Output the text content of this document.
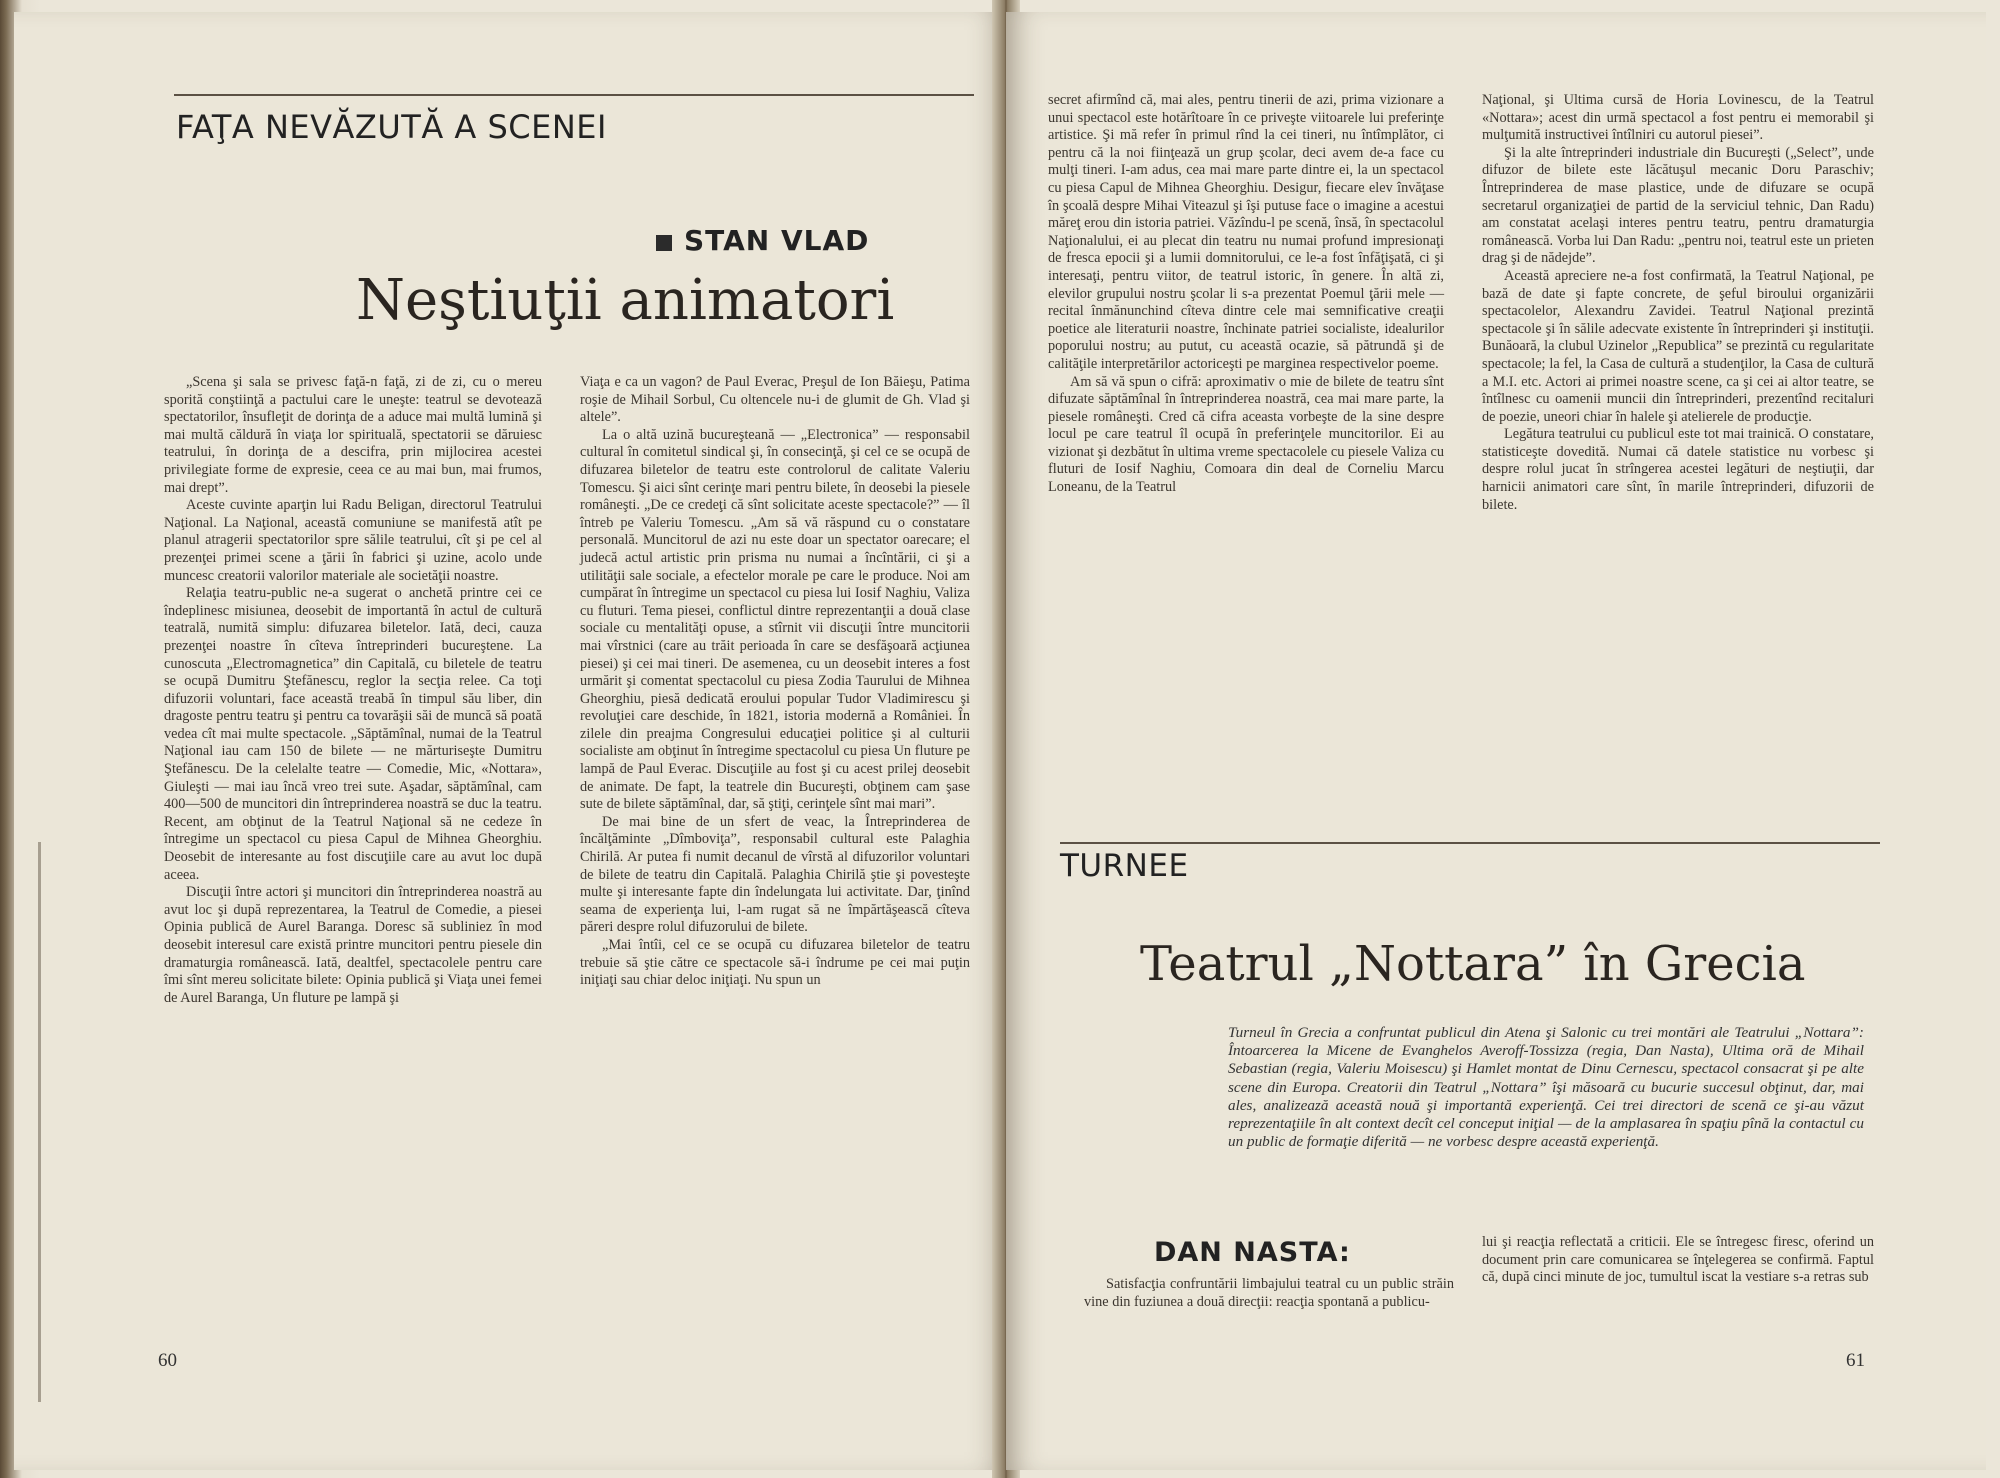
FAŢA NEVĂZUTĂ A SCENEI
STAN VLAD
Neştiuţii animatori

„Scena şi sala se privesc faţă-n faţă, zi de zi, cu o mereu sporită conştiinţă a pactului care le uneşte: teatrul se devotează spectatorilor, însufleţit de dorinţa de a aduce mai multă lumină şi mai multă căldură în viaţa lor spirituală, spectatorii se dăruiesc teatrului, în dorinţa de a descifra, prin mijlocirea acestei privilegiate forme de expresie, ceea ce au mai bun, mai frumos, mai drept”.

Aceste cuvinte aparţin lui Radu Beligan, directorul Teatrului Naţional. La Naţional, această comuniune se manifestă atît pe planul atragerii spectatorilor spre sălile teatrului, cît şi pe cel al prezenţei primei scene a ţării în fabrici şi uzine, acolo unde muncesc creatorii valorilor materiale ale societăţii noastre.

Relaţia teatru-public ne-a sugerat o anchetă printre cei ce îndeplinesc misiunea, deosebit de importantă în actul de cultură teatrală, numită simplu: difuzarea biletelor. Iată, deci, cauza prezenţei noastre în cîteva întreprinderi bucureştene. La cunoscuta „Electromagnetica” din Capitală, cu biletele de teatru se ocupă Dumitru Ştefănescu, reglor la secţia relee. Ca toţi difuzorii voluntari, face această treabă în timpul său liber, din dragoste pentru teatru şi pentru ca tovarăşii săi de muncă să poată vedea cît mai multe spectacole. „Săptămînal, numai de la Teatrul Naţional iau cam 150 de bilete — ne mărturiseşte Dumitru Ştefănescu. De la celelalte teatre — Comedie, Mic, «Nottara», Giuleşti — mai iau încă vreo trei sute. Aşadar, săptămînal, cam 400—500 de muncitori din întreprinderea noastră se duc la teatru. Recent, am obţinut de la Teatrul Naţional să ne cedeze în întregime un spectacol cu piesa Capul de Mihnea Gheorghiu. Deosebit de interesante au fost discuţiile care au avut loc după aceea.

Discuţii între actori şi muncitori din întreprinderea noastră au avut loc şi după reprezentarea, la Teatrul de Comedie, a piesei Opinia publică de Aurel Baranga. Doresc să subliniez în mod deosebit interesul care există printre muncitori pentru piesele din dramaturgia românească. Iată, dealtfel, spectacolele pentru care îmi sînt mereu solicitate bilete: Opinia publică şi Viaţa unei femei de Aurel Baranga, Un fluture pe lampă şi

Viaţa e ca un vagon? de Paul Everac, Preşul de Ion Băieşu, Patima roşie de Mihail Sorbul, Cu oltencele nu-i de glumit de Gh. Vlad şi altele”.

La o altă uzină bucureşteană — „Electronica” — responsabil cultural în comitetul sindical şi, în consecinţă, şi cel ce se ocupă de difuzarea biletelor de teatru este controlorul de calitate Valeriu Tomescu. Şi aici sînt cerinţe mari pentru bilete, în deosebi la piesele româneşti. „De ce credeţi că sînt solicitate aceste spectacole?” — îl întreb pe Valeriu Tomescu. „Am să vă răspund cu o constatare personală. Muncitorul de azi nu este doar un spectator oarecare; el judecă actul artistic prin prisma nu numai a încîntării, ci şi a utilităţii sale sociale, a efectelor morale pe care le produce. Noi am cumpărat în întregime un spectacol cu piesa lui Iosif Naghiu, Valiza cu fluturi. Tema piesei, conflictul dintre reprezentanţii a două clase sociale cu mentalităţi opuse, a stîrnit vii discuţii între muncitorii mai vîrstnici (care au trăit perioada în care se desfăşoară acţiunea piesei) şi cei mai tineri. De asemenea, cu un deosebit interes a fost urmărit şi comentat spectacolul cu piesa Zodia Taurului de Mihnea Gheorghiu, piesă dedicată eroului popular Tudor Vladimirescu şi revoluţiei care deschide, în 1821, istoria modernă a României. În zilele din preajma Congresului educaţiei politice şi al culturii socialiste am obţinut în întregime spectacolul cu piesa Un fluture pe lampă de Paul Everac. Discuţiile au fost şi cu acest prilej deosebit de animate. De fapt, la teatrele din Bucureşti, obţinem cam şase sute de bilete săptămînal, dar, să ştiţi, cerinţele sînt mai mari”.

De mai bine de un sfert de veac, la Întreprinderea de încălţăminte „Dîmboviţa”, responsabil cultural este Palaghia Chirilă. Ar putea fi numit decanul de vîrstă al difuzorilor voluntari de bilete de teatru din Capitală. Palaghia Chirilă ştie şi povesteşte multe şi interesante fapte din îndelungata lui activitate. Dar, ţinînd seama de experienţa lui, l-am rugat să ne împărtăşească cîteva păreri despre rolul difuzorului de bilete.

„Mai întîi, cel ce se ocupă cu difuzarea biletelor de teatru trebuie să ştie către ce spectacole să-i îndrume pe cei mai puţin iniţiaţi sau chiar deloc iniţiaţi. Nu spun un

60

secret afirmînd că, mai ales, pentru tinerii de azi, prima vizionare a unui spectacol este hotărîtoare în ce priveşte viitoarele lui preferinţe artistice. Şi mă refer în primul rînd la cei tineri, nu întîmplător, ci pentru că la noi fiinţează un grup şcolar, deci avem de-a face cu mulţi tineri. I-am adus, cea mai mare parte dintre ei, la un spectacol cu piesa Capul de Mihnea Gheorghiu. Desigur, fiecare elev învăţase în şcoală despre Mihai Viteazul şi îşi putuse face o imagine a acestui măreţ erou din istoria patriei. Văzîndu-l pe scenă, însă, în spectacolul Naţionalului, ei au plecat din teatru nu numai profund impresionaţi de fresca epocii şi a lumii domnitorului, ce le-a fost înfăţişată, ci şi interesaţi, pentru viitor, de teatrul istoric, în genere. În altă zi, elevilor grupului nostru şcolar li s-a prezentat Poemul ţării mele — recital înmănunchind cîteva dintre cele mai semnificative creaţii poetice ale literaturii noastre, închinate patriei socialiste, idealurilor poporului nostru; au putut, cu această ocazie, să pătrundă şi de calităţile interpretărilor actoriceşti pe marginea respectivelor poeme.

Am să vă spun o cifră: aproximativ o mie de bilete de teatru sînt difuzate săptămînal în întreprinderea noastră, cea mai mare parte, la piesele româneşti. Cred că cifra aceasta vorbeşte de la sine despre locul pe care teatrul îl ocupă în preferinţele muncitorilor. Ei au vizionat şi dezbătut în ultima vreme spectacolele cu piesele Valiza cu fluturi de Iosif Naghiu, Comoara din deal de Corneliu Marcu Loneanu, de la Teatrul

Naţional, şi Ultima cursă de Horia Lovinescu, de la Teatrul «Nottara»; acest din urmă spectacol a fost pentru ei memorabil şi mulţumită instructivei întîlniri cu autorul piesei”.

Şi la alte întreprinderi industriale din Bucureşti („Select”, unde difuzor de bilete este lăcătuşul mecanic Doru Paraschiv; Întreprinderea de mase plastice, unde de difuzare se ocupă secretarul organizaţiei de partid de la serviciul tehnic, Dan Radu) am constatat acelaşi interes pentru teatru, pentru dramaturgia românească. Vorba lui Dan Radu: „pentru noi, teatrul este un prieten drag şi de nădejde”.

Această apreciere ne-a fost confirmată, la Teatrul Naţional, pe bază de date şi fapte concrete, de şeful biroului organizării spectacolelor, Alexandru Zavidei. Teatrul Naţional prezintă spectacole şi în sălile adecvate existente în întreprinderi şi instituţii. Bunăoară, la clubul Uzinelor „Republica” se prezintă cu regularitate spectacole; la fel, la Casa de cultură a studenţilor, la Casa de cultură a M.I. etc. Actori ai primei noastre scene, ca şi cei ai altor teatre, se întîlnesc cu oamenii muncii din întreprinderi, prezentînd recitaluri de poezie, uneori chiar în halele şi atelierele de producţie.

Legătura teatrului cu publicul este tot mai trainică. O constatare, statisticeşte dovedită. Numai că datele statistice nu vorbesc şi despre rolul jucat în strîngerea acestei legături de neştiuţii, dar harnicii animatori care sînt, în marile întreprinderi, difuzorii de bilete.

TURNEE
Teatrul „Nottara” în Grecia
Turneul în Grecia a confruntat publicul din Atena şi Salonic cu trei montări ale Teatrului „Nottara”: Întoarcerea la Micene de Evanghelos Averoff-Tossizza (regia, Dan Nasta), Ultima oră de Mihail Sebastian (regia, Valeriu Moisescu) şi Hamlet montat de Dinu Cernescu, spectacol consacrat şi pe alte scene din Europa. Creatorii din Teatrul „Nottara” îşi măsoară cu bucurie succesul obţinut, dar, mai ales, analizează această nouă şi importantă experienţă. Cei trei directori de scenă ce şi-au văzut reprezentaţiile în alt context decît cel conceput iniţial — de la amplasarea în spaţiu pînă la contactul cu un public de formaţie diferită — ne vorbesc despre această experienţă.
DAN NASTA:

Satisfacţia confruntării limbajului teatral cu un public străin vine din fuziunea a două direcţii: reacţia spontană a publicu-

lui şi reacţia reflectată a criticii. Ele se întregesc firesc, oferind un document prin care comunicarea se înţelegerea se confirmă. Faptul că, după cinci minute de joc, tumultul iscat la vestiare s-a retras sub

61
